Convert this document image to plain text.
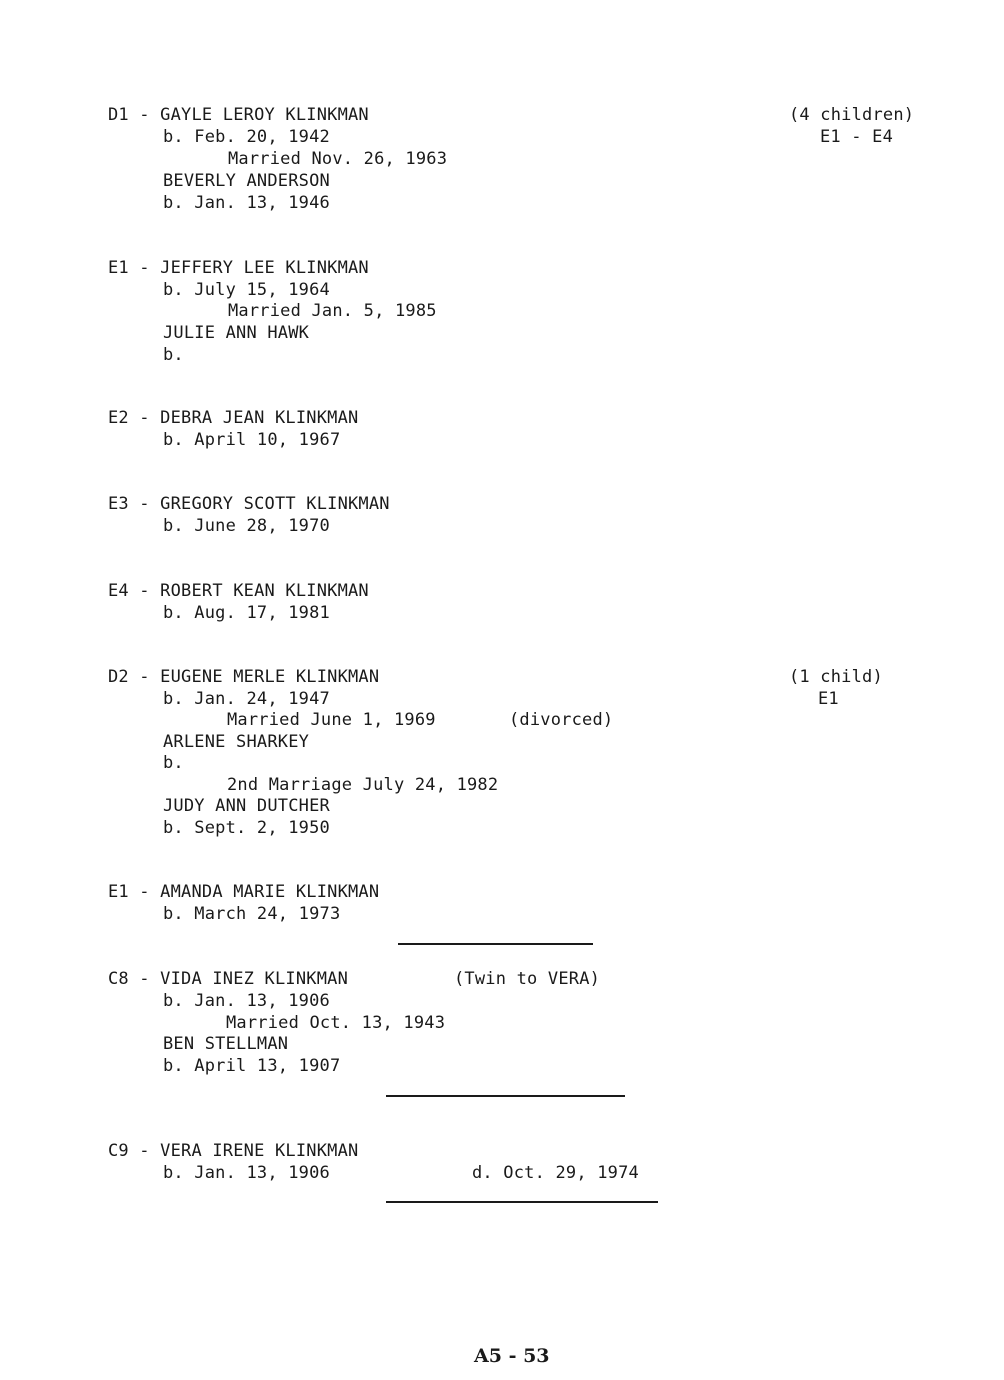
D1 - GAYLE LEROY KLINKMAN
b. Feb. 20, 1942
Married Nov. 26, 1963
BEVERLY ANDERSON
b. Jan. 13, 1946
(4 children)
E1 - E4
E1 - JEFFERY LEE KLINKMAN
b. July 15, 1964
Married Jan. 5, 1985
JULIE ANN HAWK
b.
E2 - DEBRA JEAN KLINKMAN
b. April 10, 1967
E3 - GREGORY SCOTT KLINKMAN
b. June 28, 1970
E4 - ROBERT KEAN KLINKMAN
b. Aug. 17, 1981
D2 - EUGENE MERLE KLINKMAN
b. Jan. 24, 1947
Married June 1, 1969	(divorced)
ARLENE SHARKEY
b.
2nd Marriage July 24, 1982
JUDY ANN DUTCHER
b. Sept. 2, 1950
(1 child)
E1
E1 - AMANDA MARIE KLINKMAN
b. March 24, 1973
C8 - VIDA INEZ KLINKMAN	(Twin to VERA)
b. Jan. 13, 1906
Married Oct. 13, 1943
BEN STELLMAN
b. April 13, 1907
C9 - VERA IRENE KLINKMAN
b. Jan. 13, 1906	d. Oct. 29, 1974
A5 - 53
